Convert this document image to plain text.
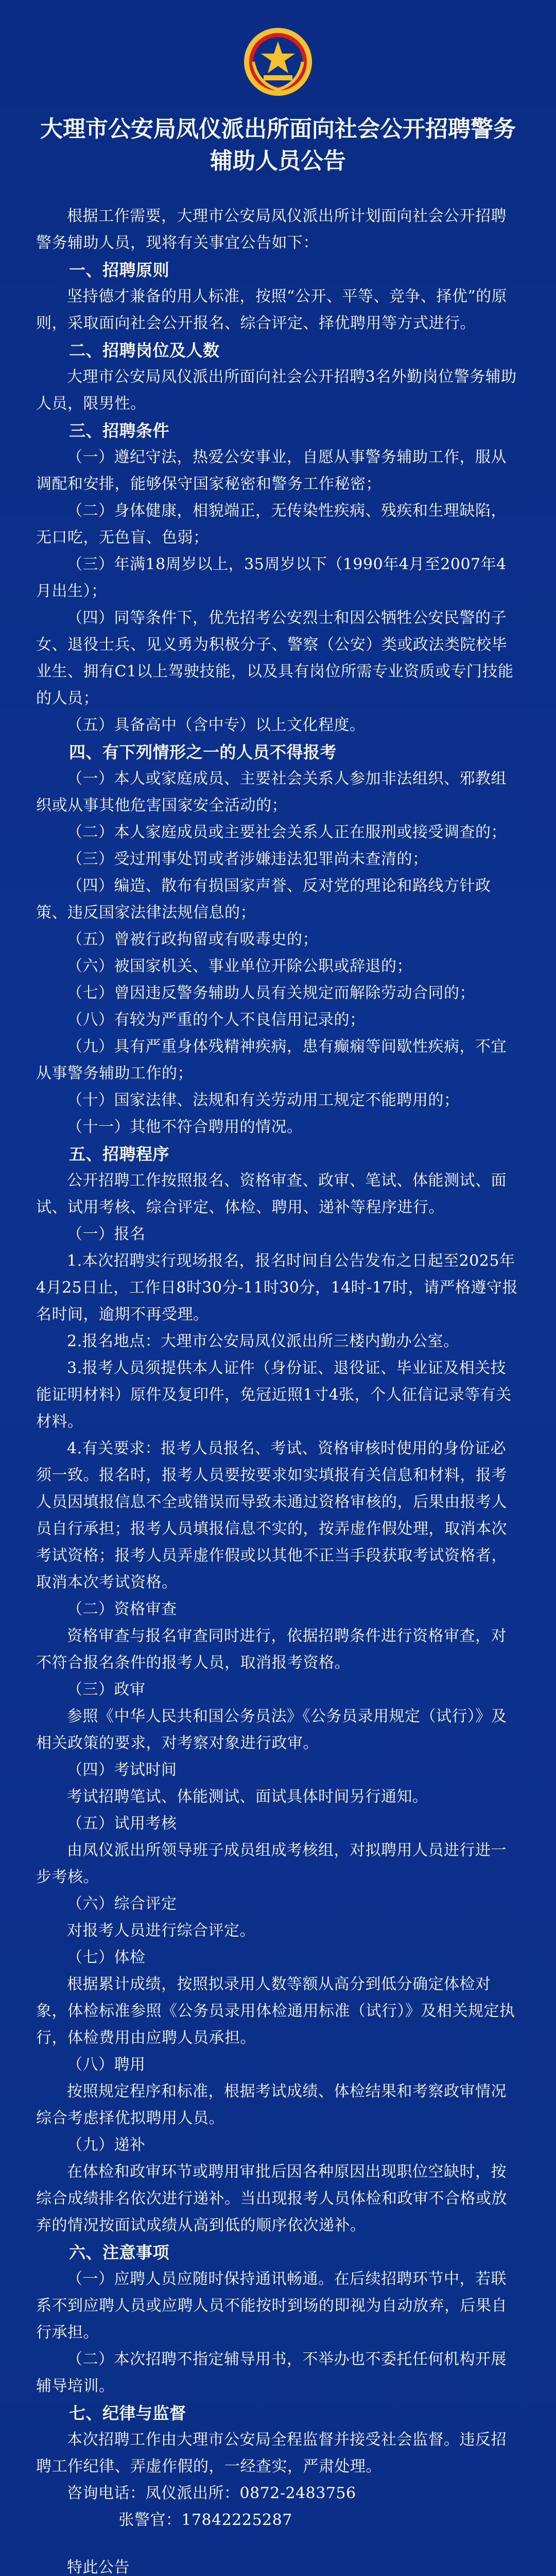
大理市公安局凤仪派出所面向社会公开招聘警务辅助人员公告

根据工作需要，大理市公安局凤仪派出所计划面向社会公开招聘警务辅助人员，现将有关事宜公告如下：

一、招聘原则

坚持德才兼备的用人标准，按照“公开、平等、竞争、择优”的原则，采取面向社会公开报名、综合评定、择优聘用等方式进行。

二、招聘岗位及人数

大理市公安局凤仪派出所面向社会公开招聘3名外勤岗位警务辅助人员，限男性。

三、招聘条件

（一）遵纪守法，热爱公安事业，自愿从事警务辅助工作，服从调配和安排，能够保守国家秘密和警务工作秘密；

（二）身体健康，相貌端正，无传染性疾病、残疾和生理缺陷，无口吃，无色盲、色弱；

（三）年满18周岁以上，35周岁以下（1990年4月至2007年4月出生）；

（四）同等条件下，优先招考公安烈士和因公牺牲公安民警的子女、退役士兵、见义勇为积极分子、警察（公安）类或政法类院校毕业生、拥有C1以上驾驶技能，以及具有岗位所需专业资质或专门技能的人员；

（五）具备高中（含中专）以上文化程度。

四、有下列情形之一的人员不得报考

（一）本人或家庭成员、主要社会关系人参加非法组织、邪教组织或从事其他危害国家安全活动的；

（二）本人家庭成员或主要社会关系人正在服刑或接受调查的；

（三）受过刑事处罚或者涉嫌违法犯罪尚未查清的；

（四）编造、散布有损国家声誉、反对党的理论和路线方针政策、违反国家法律法规信息的；

（五）曾被行政拘留或有吸毒史的；

（六）被国家机关、事业单位开除公职或辞退的；

（七）曾因违反警务辅助人员有关规定而解除劳动合同的；

（八）有较为严重的个人不良信用记录的；

（九）具有严重身体残精神疾病，患有癫痫等间歇性疾病，不宜从事警务辅助工作的；

（十）国家法律、法规和有关劳动用工规定不能聘用的；

（十一）其他不符合聘用的情况。

五、招聘程序

公开招聘工作按照报名、资格审查、政审、笔试、体能测试、面试、试用考核、综合评定、体检、聘用、递补等程序进行。

（一）报名

1.本次招聘实行现场报名，报名时间自公告发布之日起至2025年4月25日止，工作日8时30分-11时30分，14时-17时，请严格遵守报名时间，逾期不再受理。

2.报名地点：大理市公安局凤仪派出所三楼内勤办公室。

3.报考人员须提供本人证件（身份证、退役证、毕业证及相关技能证明材料）原件及复印件，免冠近照1寸4张，个人征信记录等有关材料。

4.有关要求：报考人员报名、考试、资格审核时使用的身份证必须一致。报名时，报考人员要按要求如实填报有关信息和材料，报考人员因填报信息不全或错误而导致未通过资格审核的，后果由报考人员自行承担；报考人员填报信息不实的，按弄虚作假处理，取消本次考试资格；报考人员弄虚作假或以其他不正当手段获取考试资格者，取消本次考试资格。

（二）资格审查

资格审查与报名审查同时进行，依据招聘条件进行资格审查，对不符合报名条件的报考人员，取消报考资格。

（三）政审

参照《中华人民共和国公务员法》《公务员录用规定（试行）》及相关政策的要求，对考察对象进行政审。

（四）考试时间

考试招聘笔试、体能测试、面试具体时间另行通知。

（五）试用考核

由凤仪派出所领导班子成员组成考核组，对拟聘用人员进行进一步考核。

（六）综合评定

对报考人员进行综合评定。

（七）体检

根据累计成绩，按照拟录用人数等额从高分到低分确定体检对象，体检标准参照《公务员录用体检通用标准（试行）》及相关规定执行，体检费用由应聘人员承担。

（八）聘用

按照规定程序和标准，根据考试成绩、体检结果和考察政审情况综合考虑择优拟聘用人员。

（九）递补

在体检和政审环节或聘用审批后因各种原因出现职位空缺时，按综合成绩排名依次进行递补。当出现报考人员体检和政审不合格或放弃的情况按面试成绩从高到低的顺序依次递补。

六、注意事项

（一）应聘人员应随时保持通讯畅通。在后续招聘环节中，若联系不到应聘人员或应聘人员不能按时到场的即视为自动放弃，后果自行承担。

（二）本次招聘不指定辅导用书，不举办也不委托任何机构开展辅导培训。

七、纪律与监督

本次招聘工作由大理市公安局全程监督并接受社会监督。违反招聘工作纪律、弄虚作假的，一经查实，严肃处理。

咨询电话：凤仪派出所：0872-2483756

张警官：17842225287

特此公告
